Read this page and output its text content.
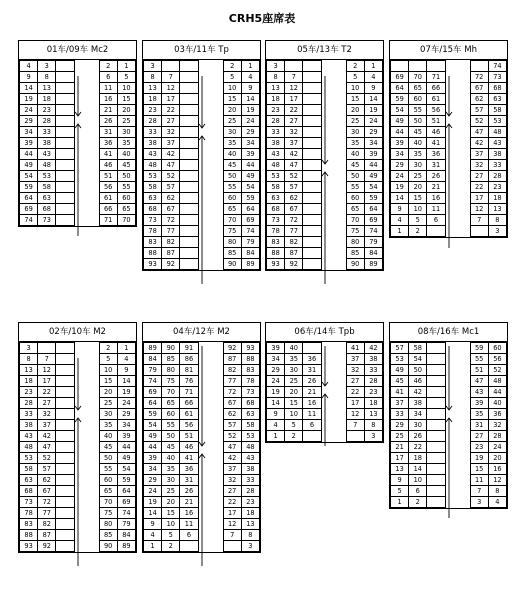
CRH5座席表
01车/09车 Mc2
4	3			2	1
9	8			6	5
14	13			11	10
19	18			16	15
24	23			21	20
29	28			26	25
34	33			31	30
39	38			36	35
44	43			41	40
49	48			46	45
54	53			51	50
59	58			56	55
64	63			61	60
69	68			66	65
74	73			71	70
03车/11车 Tp
3				2	1
8	7			5	4
13	12			10	9
18	17			15	14
23	22			20	19
28	27			25	24
33	32			30	29
38	37			35	34
43	42			40	39
48	47			45	44
53	52			50	49
58	57			55	54
63	62			60	59
68	67			65	64
73	72			70	69
78	77			75	74
83	82			80	79
88	87			85	84
93	92			90	89
05车/13车 T2
3				2	1
8	7			5	4
13	12			10	9
18	17			15	14
23	22			20	19
28	27			25	24
33	32			30	29
38	37			35	34
43	42			40	39
48	47			45	44
53	52			50	49
58	57			55	54
63	62			60	59
68	67			65	64
73	72			70	69
78	77			75	74
83	82			80	79
88	87			85	84
93	92			90	89
07车/15车 Mh
					74
69	70	71		72	73
64	65	66		67	68
59	60	61		62	63
54	55	56		57	58
49	50	51		52	53
44	45	46		47	48
39	40	41		42	43
34	35	36		37	38
29	30	31		32	33
24	25	26		27	28
19	20	21		22	23
14	15	16		17	18
9	10	11		12	13
4	5	6		7	8
1	2				3
02车/10车 M2
3				2	1
8	7			5	4
13	12			10	9
18	17			15	14
23	22			20	19
28	27			25	24
33	32			30	29
38	37			35	34
43	42			40	39
48	47			45	44
53	52			50	49
58	57			55	54
63	62			60	59
68	67			65	64
73	72			70	69
78	77			75	74
83	82			80	79
88	87			85	84
93	92			90	89
04车/12车 M2
89	90	91		92	93
84	85	86		87	88
79	80	81		82	83
74	75	76		77	78
69	70	71		72	73
64	65	66		67	68
59	60	61		62	63
54	55	56		57	58
49	50	51		52	53
44	45	46		47	48
39	40	41		42	43
34	35	36		37	38
29	30	31		32	33
24	25	26		27	28
19	20	21		22	23
14	15	16		17	18
9	10	11		12	13
4	5	6		7	8
1	2				3
06车/14车 Tpb
39	40			41	42
34	35	36		37	38
29	30	31		32	33
24	25	26		27	28
19	20	21		22	23
14	15	16		17	18
9	10	11		12	13
4	5	6		7	8
1	2				3
08车/16车 Mc1
57	58			59	60
53	54			55	56
49	50			51	52
45	46			47	48
41	42			43	44
37	38			39	40
33	34			35	36
29	30			31	32
25	26			27	28
21	22			23	24
17	18			19	20
13	14			15	16
9	10			11	12
5	6			7	8
1	2			3	4
